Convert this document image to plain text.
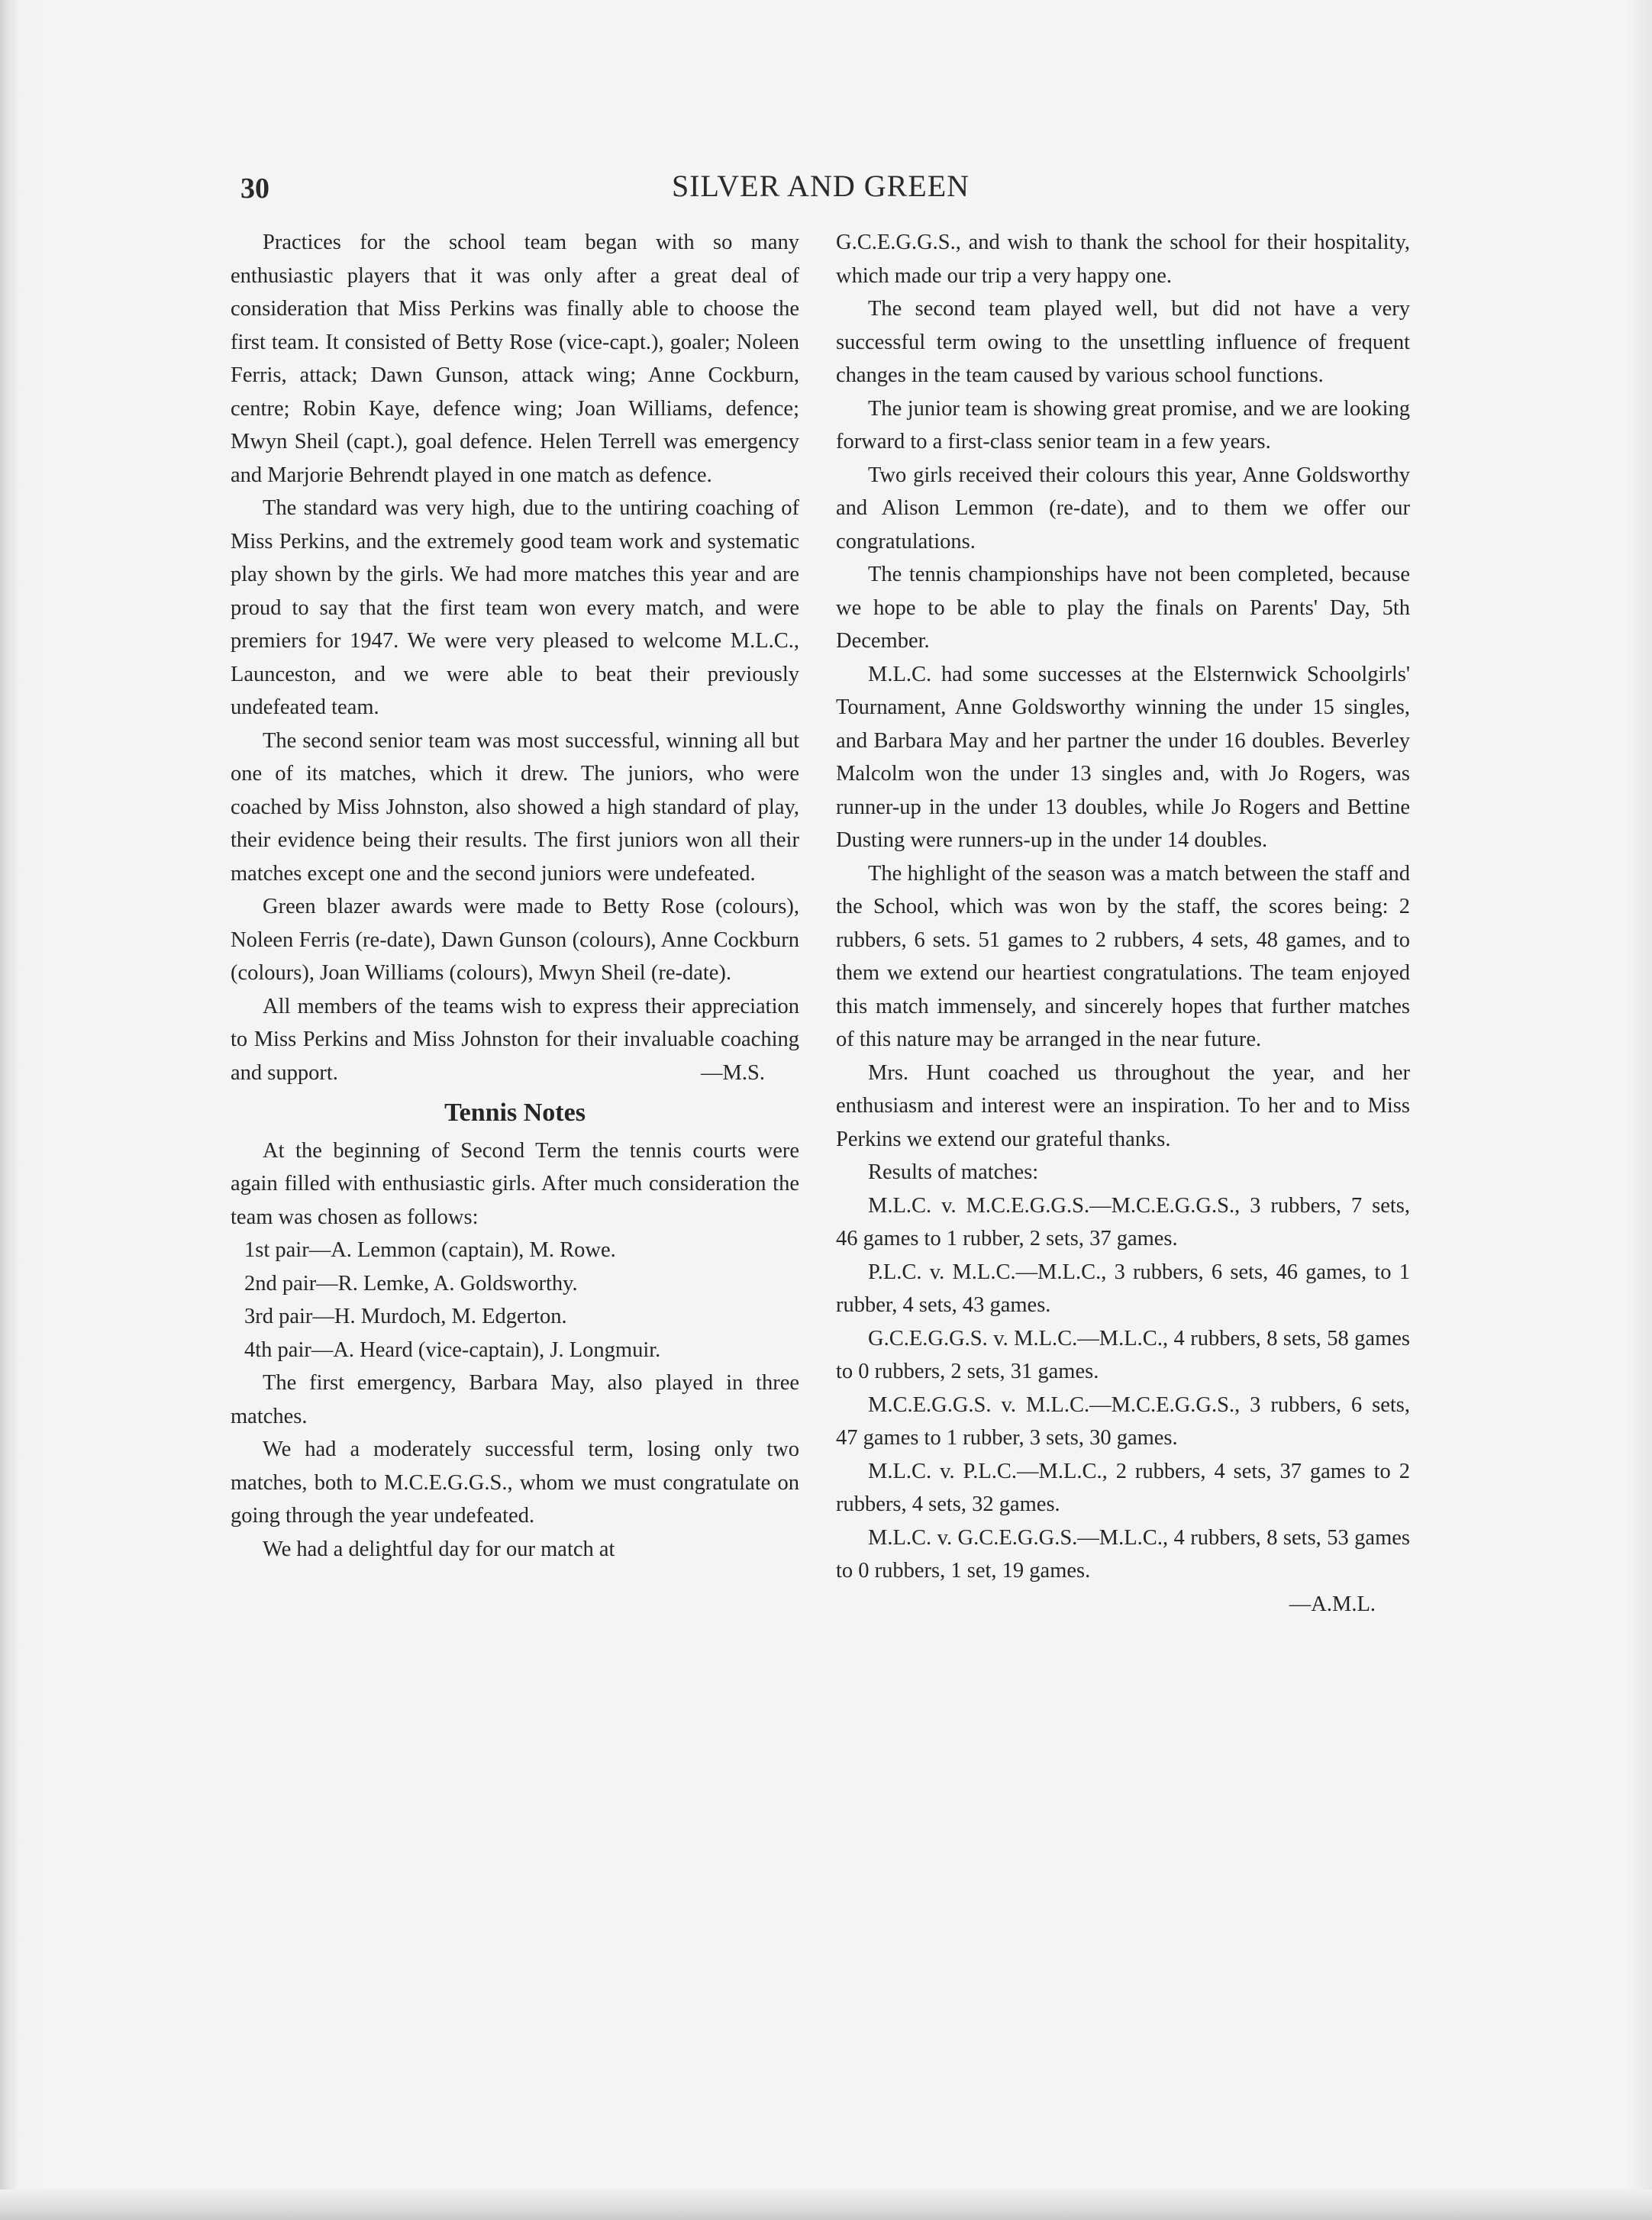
30	SILVER AND GREEN

Practices for the school team began with so many enthusiastic players that it was only after a great deal of consideration that Miss Perkins was finally able to choose the first team. It consisted of Betty Rose (vice-capt.), goaler; Noleen Ferris, attack; Dawn Gunson, attack wing; Anne Cockburn, centre; Robin Kaye, defence wing; Joan Williams, defence; Mwyn Sheil (capt.), goal defence. Helen Terrell was emergency and Marjorie Behrendt played in one match as defence.

The standard was very high, due to the untiring coaching of Miss Perkins, and the extremely good team work and systematic play shown by the girls. We had more matches this year and are proud to say that the first team won every match, and were premiers for 1947. We were very pleased to welcome M.L.C., Launceston, and we were able to beat their previously undefeated team.

The second senior team was most successful, winning all but one of its matches, which it drew. The juniors, who were coached by Miss Johnston, also showed a high standard of play, their evidence being their results. The first juniors won all their matches except one and the second juniors were undefeated.

Green blazer awards were made to Betty Rose (colours), Noleen Ferris (re-date), Dawn Gunson (colours), Anne Cockburn (colours), Joan Williams (colours), Mwyn Sheil (re-date).

All members of the teams wish to express their appreciation to Miss Perkins and Miss Johnston for their invaluable coaching and support.	—M.S.

Tennis Notes

At the beginning of Second Term the tennis courts were again filled with enthusiastic girls. After much consideration the team was chosen as follows:

1st pair—A. Lemmon (captain), M. Rowe.

2nd pair—R. Lemke, A. Goldsworthy.

3rd pair—H. Murdoch, M. Edgerton.

4th pair—A. Heard (vice-captain), J. Longmuir.

The first emergency, Barbara May, also played in three matches.

We had a moderately successful term, losing only two matches, both to M.C.E.G.G.S., whom we must congratulate on going through the year undefeated.

We had a delightful day for our match at

G.C.E.G.G.S., and wish to thank the school for their hospitality, which made our trip a very happy one.

The second team played well, but did not have a very successful term owing to the unsettling influence of frequent changes in the team caused by various school functions.

The junior team is showing great promise, and we are looking forward to a first-class senior team in a few years.

Two girls received their colours this year, Anne Goldsworthy and Alison Lemmon (re-date), and to them we offer our congratulations.

The tennis championships have not been completed, because we hope to be able to play the finals on Parents' Day, 5th December.

M.L.C. had some successes at the Elsternwick Schoolgirls' Tournament, Anne Goldsworthy winning the under 15 singles, and Barbara May and her partner the under 16 doubles. Beverley Malcolm won the under 13 singles and, with Jo Rogers, was runner-up in the under 13 doubles, while Jo Rogers and Bettine Dusting were runners-up in the under 14 doubles.

The highlight of the season was a match between the staff and the School, which was won by the staff, the scores being: 2 rubbers, 6 sets. 51 games to 2 rubbers, 4 sets, 48 games, and to them we extend our heartiest congratulations. The team enjoyed this match immensely, and sincerely hopes that further matches of this nature may be arranged in the near future.

Mrs. Hunt coached us throughout the year, and her enthusiasm and interest were an inspiration. To her and to Miss Perkins we extend our grateful thanks.

Results of matches:

M.L.C. v. M.C.E.G.G.S.—M.C.E.G.G.S., 3 rubbers, 7 sets, 46 games to 1 rubber, 2 sets, 37 games.

P.L.C. v. M.L.C.—M.L.C., 3 rubbers, 6 sets, 46 games, to 1 rubber, 4 sets, 43 games.

G.C.E.G.G.S. v. M.L.C.—M.L.C., 4 rubbers, 8 sets, 58 games to 0 rubbers, 2 sets, 31 games.

M.C.E.G.G.S. v. M.L.C.—M.C.E.G.G.S., 3 rubbers, 6 sets, 47 games to 1 rubber, 3 sets, 30 games.

M.L.C. v. P.L.C.—M.L.C., 2 rubbers, 4 sets, 37 games to 2 rubbers, 4 sets, 32 games.

M.L.C. v. G.C.E.G.G.S.—M.L.C., 4 rubbers, 8 sets, 53 games to 0 rubbers, 1 set, 19 games.

—A.M.L.
